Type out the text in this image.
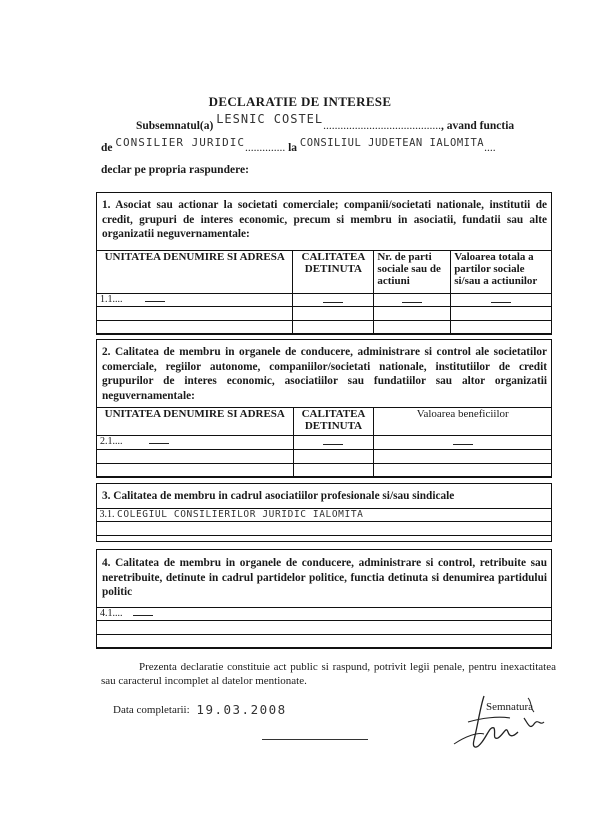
DECLARATIE DE INTERESE
Subsemnatul(a) LESNIC COSTEL........................................., avand functia
de CONSILIER JURIDIC.............. la CONSILIUL JUDETEAN IALOMITA....
declar pe propria raspundere:
1. Asociat sau actionar la societati comerciale; companii/societati nationale, institutii de credit, grupuri de interes economic, precum si membru in asociatii, fundatii sau alte organizatii neguvernamentale:
UNITATEA DENUMIRE SI ADRESA	CALITATEA DETINUTA	Nr. de parti sociale sau de actiuni	Valoarea totala a partilor sociale si/sau a actiunilor
1.1....			

2. Calitatea de membru in organele de conducere, administrare si control ale societatilor comerciale, regiilor autonome, companiilor/societati nationale, institutiilor de credit grupurilor de interes economic, asociatiilor sau fundatiilor sau altor organizatii neguvernamentale:
UNITATEA DENUMIRE SI ADRESA	CALITATEA DETINUTA	Valoarea beneficiilor
2.1....		

3. Calitatea de membru in cadrul asociatiilor profesionale si/sau sindicale
3.1. COLEGIUL CONSILIERILOR JURIDIC IALOMITA

4. Calitatea de membru in organele de conducere, administrare si control, retribuite sau neretribuite, detinute in cadrul partidelor politice, functia detinuta si denumirea partidului politic
4.1....

Prezenta declaratie constituie act public si raspund, potrivit legii penale, pentru inexactitatea sau caracterul incomplet al datelor mentionate.
Data completarii: 19.03.2008	Semnatura
